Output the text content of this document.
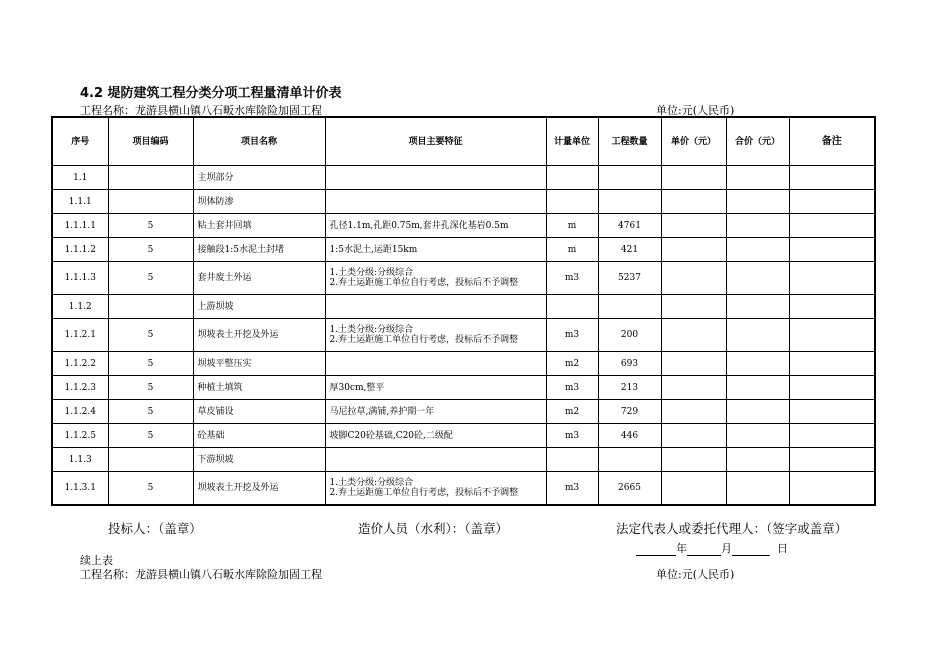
4.2 堤防建筑工程分类分项工程量清单计价表
工程名称：龙游县横山镇八石畈水库除险加固工程	单位:元(人民币)
序号	项目编码	项目名称	项目主要特征	计量单位	工程数量	单价（元）	合价（元）	备注
1.1		主坝部分						
1.1.1		坝体防渗						
1.1.1.1	5	粘土套井回填	孔径1.1m,孔距0.75m,套井孔深化基岩0.5m	m	4761			
1.1.1.2	5	接触段1:5水泥土封堵	1:5水泥土,运距15km	m	421			
1.1.1.3	5	套井废土外运	1.土类分级:分级综合
2.弃土运距施工单位自行考虑，投标后不予调整	m3	5237			
1.1.2		上游坝坡						
1.1.2.1	5	坝坡表土开挖及外运	1.土类分级:分级综合
2.弃土运距施工单位自行考虑，投标后不予调整	m3	200			
1.1.2.2	5	坝坡平整压实		m2	693			
1.1.2.3	5	种植土填筑	厚30cm,整平	m3	213			
1.1.2.4	5	草皮铺设	马尼拉草,满铺,养护期一年	m2	729			
1.1.2.5	5	砼基础	坡脚C20砼基础,C20砼,二级配	m3	446			
1.1.3		下游坝坡						
1.1.3.1	5	坝坡表土开挖及外运	1.土类分级:分级综合
2.弃土运距施工单位自行考虑，投标后不予调整	m3	2665			
投标人：（盖章）	造价人员（水利）：（盖章）	法定代表人或委托代理人：（签字或盖章）
年	月	日
续上表
工程名称：龙游县横山镇八石畈水库除险加固工程	单位:元(人民币)
